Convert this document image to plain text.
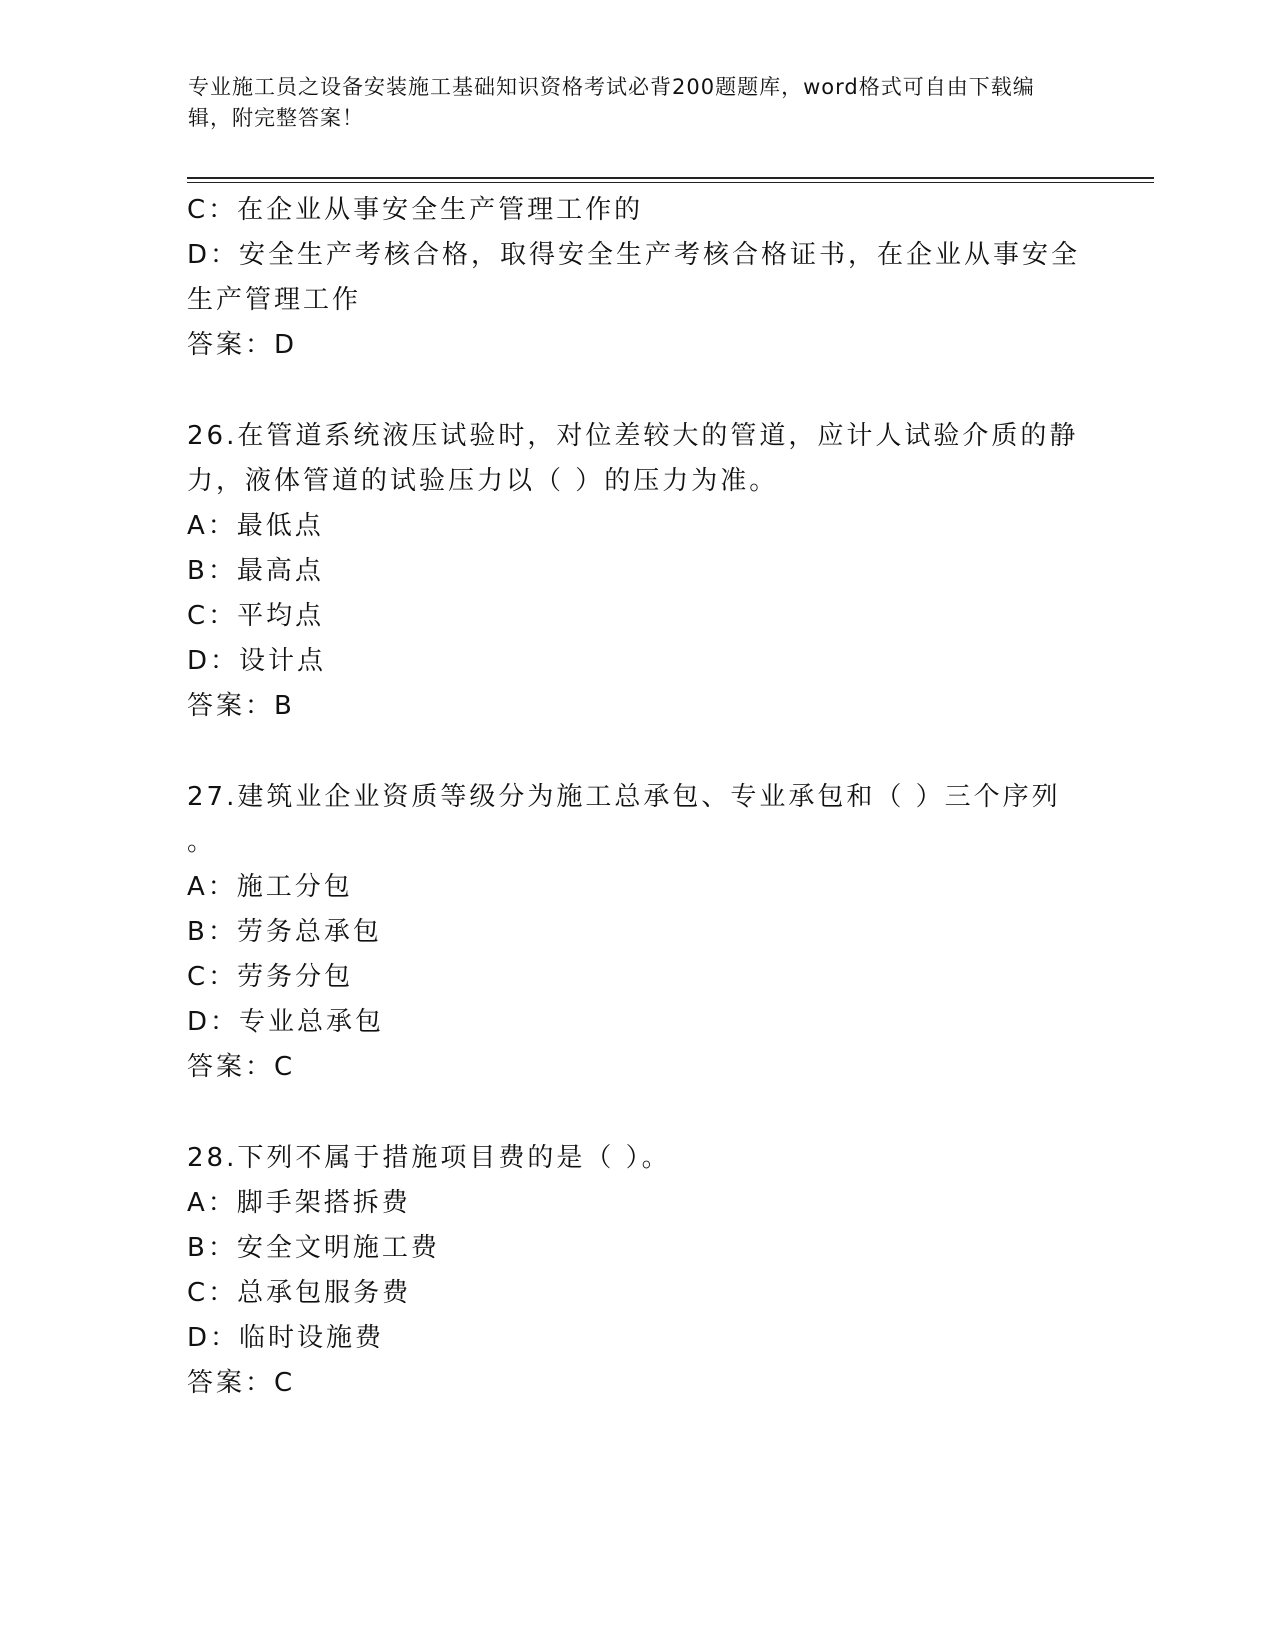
专业施工员之设备安装施工基础知识资格考试必背200题题库，word格式可自由下载编辑，附完整答案！
C：在企业从事安全生产管理工作的
D：安全生产考核合格，取得安全生产考核合格证书，在企业从事安全生产管理工作
答案：D
26.在管道系统液压试验时，对位差较大的管道，应计人试验介质的静力，液体管道的试验压力以（ ）的压力为准。
A：最低点
B：最高点
C：平均点
D：设计点
答案：B
27.建筑业企业资质等级分为施工总承包、专业承包和（ ）三个序列
。
A：施工分包
B：劳务总承包
C：劳务分包
D：专业总承包
答案：C
28.下列不属于措施项目费的是（ ）。
A：脚手架搭拆费
B：安全文明施工费
C：总承包服务费
D：临时设施费
答案：C
